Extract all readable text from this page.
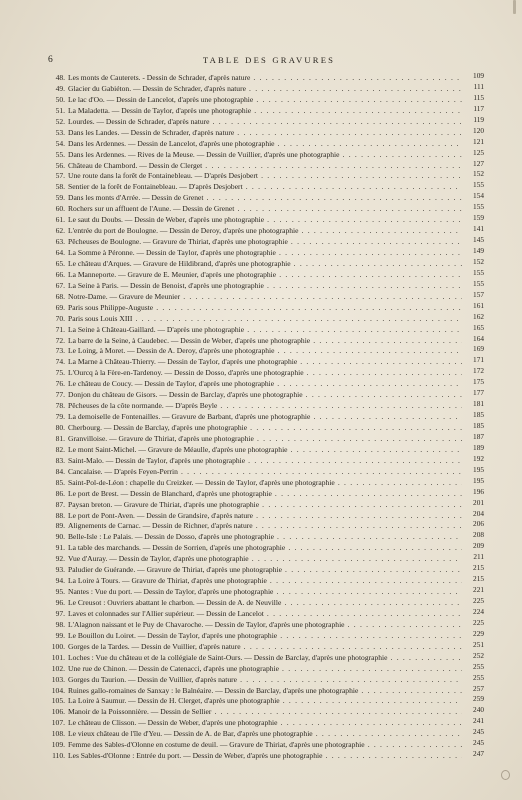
6	TABLE DES GRAVURES
48. Les monts de Cauterets. - Dessin de Schrader, d'après nature . . .	109
49. Glacier du Gabiéton. — Dessin de Schrader, d'après nature . . .	111
50. Le lac d'Oo. — Dessin de Lancelot, d'après une photographie . . .	115
51. La Maladetta. — Dessin de Taylor, d'après une photographie . . .	117
52. Lourdes. — Dessin de Schrader, d'après nature . . .	119
53. Dans les Landes. — Dessin de Schrader, d'après nature . . .	120
54. Dans les Ardennes. — Dessin de Lancelot, d'après une photographie . . .	121
55. Dans les Ardennes. — Rives de la Meuse. — Dessin de Vuillier, d'après une photographie . . .	125
56. Château de Chambord. — Dessin de Clerget . . .	127
57. Une route dans la forêt de Fontainebleau. — D'après Desjobert . . .	152
58. Sentier de la forêt de Fontainebleau. — D'après Desjobert . . .	155
59. Dans les monts d'Arrée. — Dessin de Grenet . . .	154
60. Rochers sur un affluent de l'Aune. — Dessin de Grenet . . .	155
61. Le saut du Doubs. — Dessin de Weber, d'après une photographie . . .	159
62. L'entrée du port de Boulogne. — Dessin de Deroy, d'après une photographie . . .	141
63. Pêcheuses de Boulogne. — Gravure de Thiriat, d'après une photographie . . .	145
64. La Somme à Péronne. — Dessin de Taylor, d'après une photographie . . .	149
65. Le château d'Arques. — Gravure de Hildibrand, d'après une photographie . . .	152
66. La Manneporte. — Gravure de E. Meunier, d'après une photographie . . .	155
67. La Seine à Paris. — Dessin de Benoist, d'après une photographie . . .	155
68. Notre-Dame. — Gravure de Meunier . . .	157
69. Paris sous Philippe-Auguste . . .	161
70. Paris sous Louis XIII . . .	162
71. La Seine à Château-Gaillard. — D'après une photographie . . .	165
72. La barre de la Seine, à Caudebec. — Dessin de Weber, d'après une photographie . . .	164
73. Le Loing, à Moret. — Dessin de A. Deroy, d'après une photographie . . .	169
74. La Marne à Château-Thierry. — Dessin de Taylor, d'après une photographie . . .	171
75. L'Ourcq à la Fère-en-Tardenoy. — Dessin de Dosso, d'après une photographie . . .	172
76. Le château de Coucy. — Dessin de Taylor, d'après une photographie . . .	175
77. Donjon du château de Gisors. — Dessin de Barclay, d'après une photographie . . .	177
78. Pêcheuses de la côte normande. — D'après Beyle . . .	181
79. La demoiselle de Fontenailles. — Gravure de Barbant, d'après une photographie . . .	185
80. Cherbourg. — Dessin de Barclay, d'après une photographie . . .	185
81. Granvilloise. — Gravure de Thiriat, d'après une photographie . . .	187
82. Le mont Saint-Michel. — Gravure de Méaulle, d'après une photographie . . .	189
83. Saint-Malo. — Dessin de Taylor, d'après une photographie . . .	192
84. Cancalaise. — D'après Feyen-Perrin . . .	195
85. Saint-Pol-de-Léon : chapelle du Creizker. — Dessin de Taylor, d'après une photographie . . .	195
86. Le port de Brest. — Dessin de Blanchard, d'après une photographie . . .	196
87. Paysan breton. — Gravure de Thiriat, d'après une photographie . . .	201
88. Le port de Pont-Aven. — Dessin de Grandsire, d'après nature . . .	204
89. Alignements de Carnac. — Dessin de Richner, d'après nature . . .	206
90. Belle-Isle : Le Palais. — Dessin de Dosso, d'après une photographie . . .	208
91. La table des marchands. — Dessin de Sorrien, d'après une photographie . . .	209
92. Vue d'Auray. — Dessin de Taylor, d'après une photographie . . .	211
93. Paludier de Guérande. — Gravure de Thiriat, d'après une photographie . . .	215
94. La Loire à Tours. — Gravure de Thiriat, d'après une photographie . . .	215
95. Nantes : Vue du port. — Dessin de Taylor, d'après une photographie . . .	221
96. Le Creusot : Ouvriers abattant le charbon. — Dessin de A. de Neuville . . .	225
97. Laves et colonnades sur l'Allier supérieur. — Dessin de Lancelot . . .	224
98. L'Alagnon naissant et le Puy de Chavaroche. — Dessin de Taylor, d'après une photographie . . .	225
99. Le Bouillon du Loiret. — Dessin de Taylor, d'après une photographie . . .	229
100. Gorges de la Tardes. — Dessin de Vuillier, d'après nature . . .	251
101. Loches : Vue du château et de la collégiale de Saint-Ours. — Dessin de Barclay, d'après une photographie . . .	252
102. Une rue de Chinon. — Dessin de Catenacci, d'après une photographie . . .	255
103. Gorges du Taurion. — Dessin de Vuillier, d'après nature . . .	255
104. Ruines gallo-romaines de Sanxay : le Balnéaire. — Dessin de Barclay, d'après une photographie . . .	257
105. La Loire à Saumur. — Dessin de H. Clerget, d'après une photographie . . .	259
106. Manoir de la Poissonnière. — Dessin de Sellier . . .	240
107. Le château de Clisson. — Dessin de Weber, d'après une photographie . . .	241
108. Le vieux château de l'île d'Yeu. — Dessin de A. de Bar, d'après une photographie . . .	245
109. Femme des Sables-d'Olonne en costume de deuil. — Gravure de Thiriat, d'après une photographie . . .	245
110. Les Sables-d'Olonne : Entrée du port. — Dessin de Weber, d'après une photographie . . .	247
